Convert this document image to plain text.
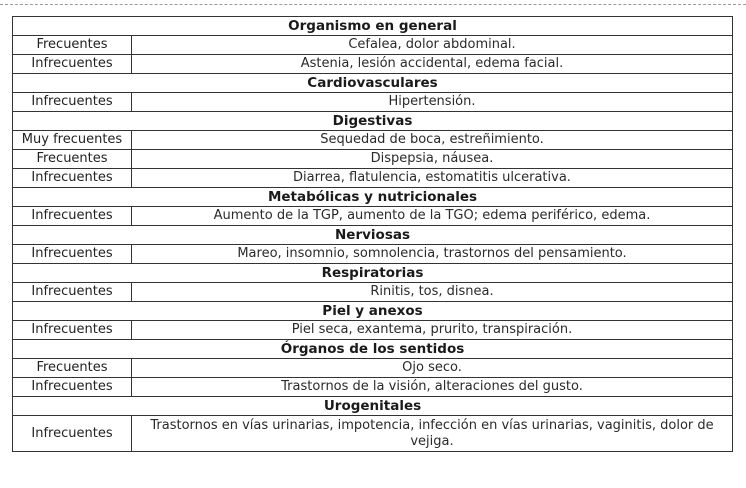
Organismo en general	
Frecuentes	Cefalea, dolor abdominal.
Infrecuentes	Astenia, lesión accidental, edema facial.
Cardiovasculares	
Infrecuentes	Hipertensión.
Digestivas	
Muy frecuentes	Sequedad de boca, estreñimiento.
Frecuentes	Dispepsia, náusea.
Infrecuentes	Diarrea, flatulencia, estomatitis ulcerativa.
Metabólicas y nutricionales	
Infrecuentes	Aumento de la TGP, aumento de la TGO; edema periférico, edema.
Nerviosas	
Infrecuentes	Mareo, insomnio, somnolencia, trastornos del pensamiento.
Respiratorias	
Infrecuentes	Rinitis, tos, disnea.
Piel y anexos	
Infrecuentes	Piel seca, exantema, prurito, transpiración.
Órganos de los sentidos	
Frecuentes	Ojo seco.
Infrecuentes	Trastornos de la visión, alteraciones del gusto.
Urogenitales	
Infrecuentes	Trastornos en vías urinarias, impotencia, infección en vías urinarias, vaginitis, dolor de vejiga.
